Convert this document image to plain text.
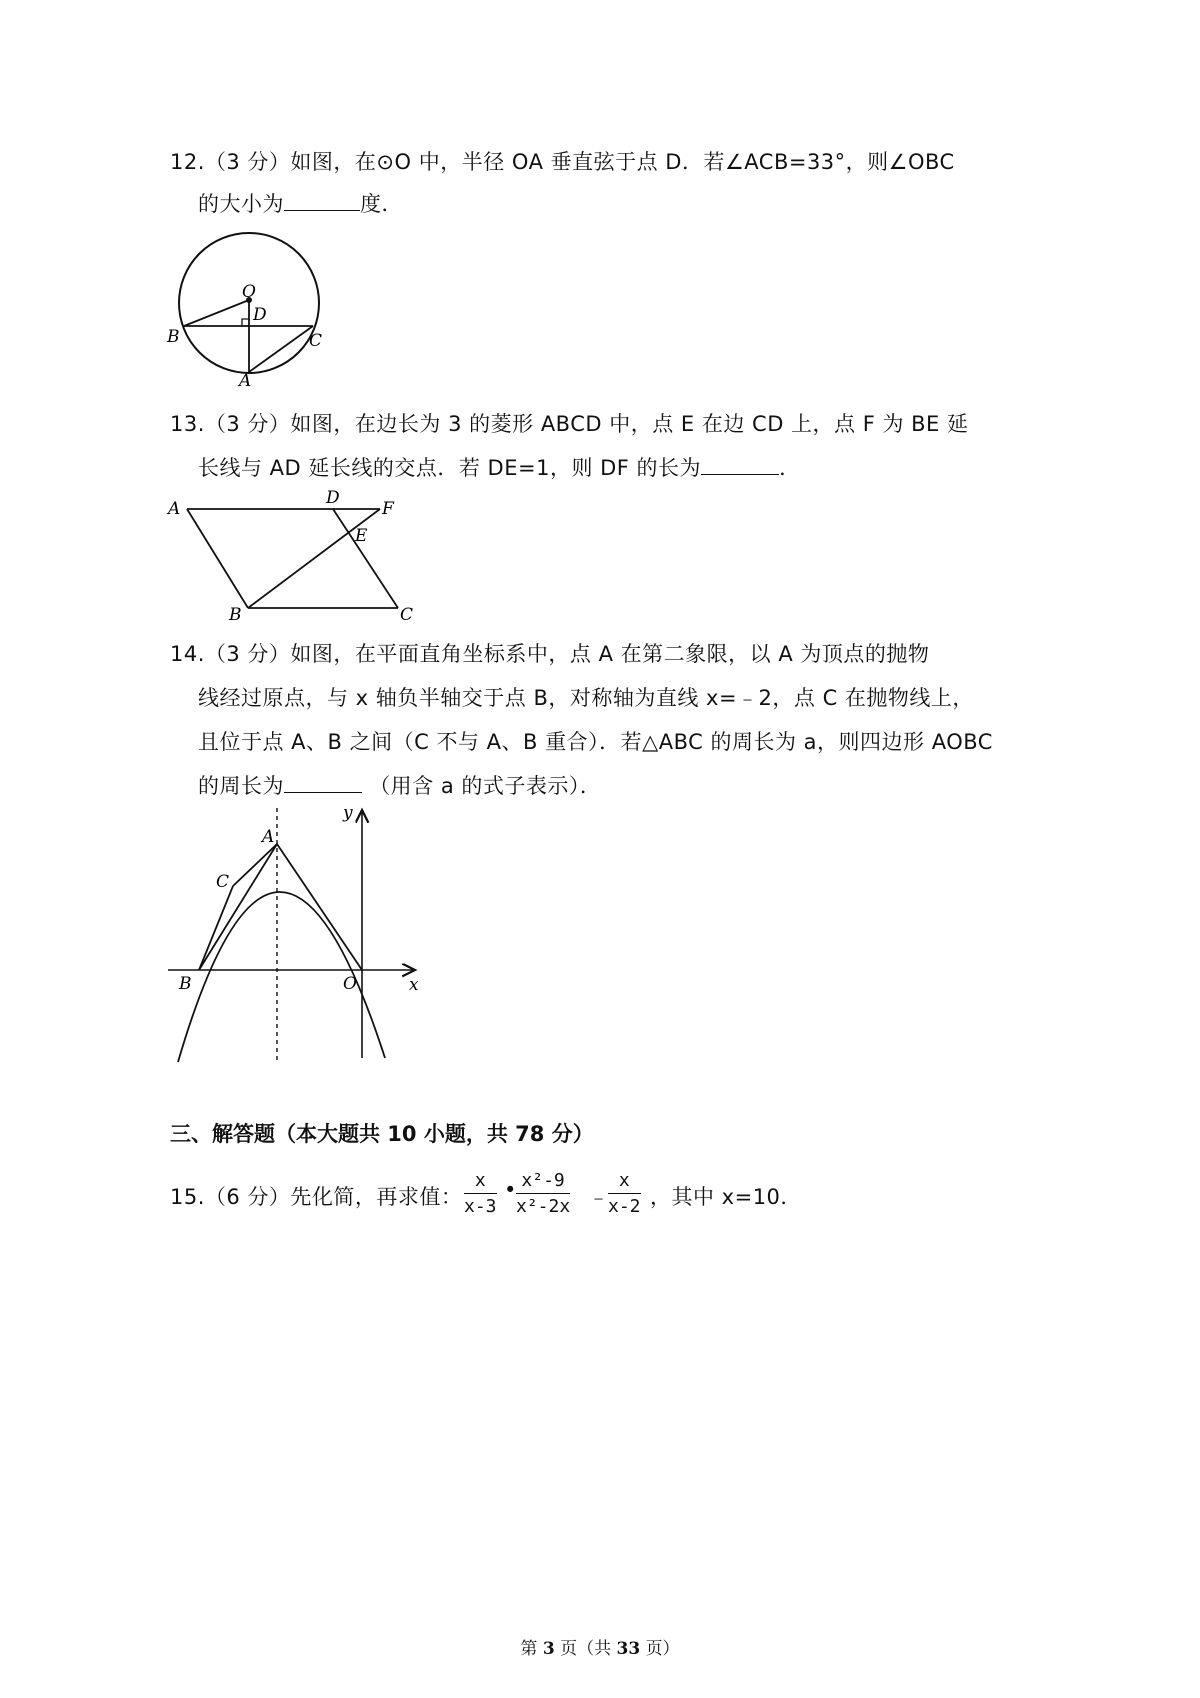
12.（3 分）如图，在⊙O 中，半径 OA 垂直弦于点 D．若∠ACB=33°，则∠OBC
的大小为	度．
O
D
B	C
A
13.（3 分）如图，在边长为 3 的菱形 ABCD 中，点 E 在边 CD 上，点 F 为 BE 延
长线与 AD 延长线的交点．若 DE=1，则 DF 的长为	．
A
D
F
E
B	C
14.（3 分）如图，在平面直角坐标系中，点 A 在第二象限，以 A 为顶点的抛物
线经过原点，与 x 轴负半轴交于点 B，对称轴为直线 x=﹣2，点 C 在抛物线上，
且位于点 A、B 之间（C 不与 A、B 重合）．若△ABC 的周长为 a，则四边形 AOBC
的周长为	（用含 a 的式子表示）．
y
A
C
B	O	x
三、解答题（本大题共 10 小题，共 78 分）
15.（6 分）先化简，再求值： $\frac{x}{x-3}$ • $\frac{\text{x²-9}}{\text{x²-2x}}$ ﹣ $\frac{x}{x-2}$ ，其中 x=10．
第 3 页（共 33 页）
